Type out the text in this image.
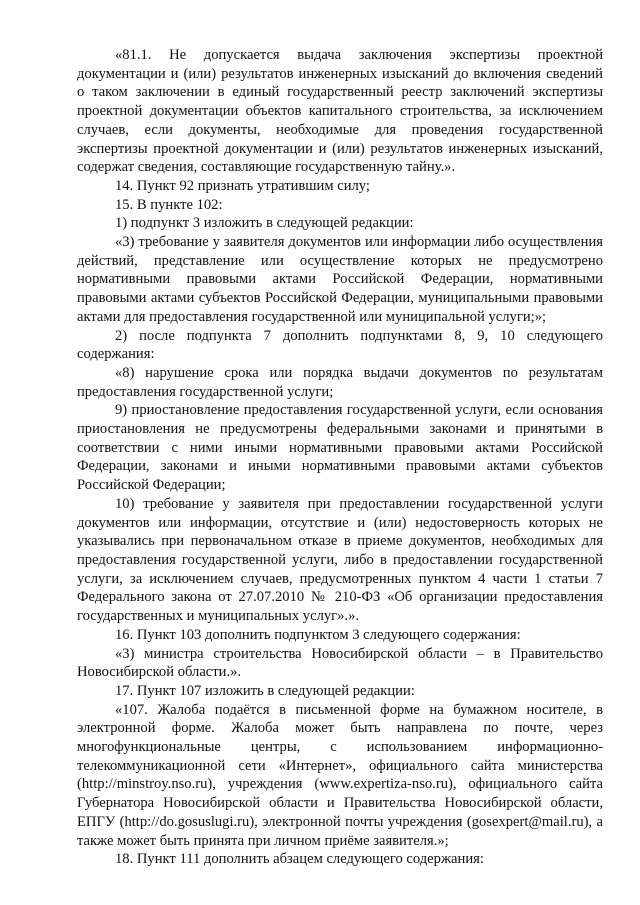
«81.1. Не допускается выдача заключения экспертизы проектной документации и (или) результатов инженерных изысканий до включения сведений о таком заключении в единый государственный реестр заключений экспертизы проектной документации объектов капитального строительства, за исключением случаев, если документы, необходимые для проведения государственной экспертизы проектной документации и (или) результатов инженерных изысканий, содержат сведения, составляющие государственную тайну.».

14. Пункт 92 признать утратившим силу;

15. В пункте 102:

1) подпункт 3 изложить в следующей редакции:

«3) требование у заявителя документов или информации либо осуществления действий, представление или осуществление которых не предусмотрено нормативными правовыми актами Российской Федерации, нормативными правовыми актами субъектов Российской Федерации, муниципальными правовыми актами для предоставления государственной или муниципальной услуги;»;

2) после подпункта 7 дополнить подпунктами 8, 9, 10 следующего содержания:

«8) нарушение срока или порядка выдачи документов по результатам предоставления государственной услуги;

9) приостановление предоставления государственной услуги, если основания приостановления не предусмотрены федеральными законами и принятыми в соответствии с ними иными нормативными правовыми актами Российской Федерации, законами и иными нормативными правовыми актами субъектов Российской Федерации;

10) требование у заявителя при предоставлении государственной услуги документов или информации, отсутствие и (или) недостоверность которых не указывались при первоначальном отказе в приеме документов, необходимых для предоставления государственной услуги, либо в предоставлении государственной услуги, за исключением случаев, предусмотренных пунктом 4 части 1 статьи 7 Федерального закона от 27.07.2010 № 210-ФЗ «Об организации предоставления государственных и муниципальных услуг».».

16. Пункт 103 дополнить подпунктом 3 следующего содержания:

«3) министра строительства Новосибирской области – в Правительство Новосибирской области.».

17. Пункт 107 изложить в следующей редакции:

«107. Жалоба подаётся в письменной форме на бумажном носителе, в электронной форме. Жалоба может быть направлена по почте, через многофункциональные центры, с использованием информационно-телекоммуникационной сети «Интернет», официального сайта министерства (http://minstroy.nso.ru), учреждения (www.expertiza-nso.ru), официального сайта Губернатора Новосибирской области и Правительства Новосибирской области, ЕПГУ (http://do.gosuslugi.ru), электронной почты учреждения (gosexpert@mail.ru), а также может быть принята при личном приёме заявителя.»;

18. Пункт 111 дополнить абзацем следующего содержания:
